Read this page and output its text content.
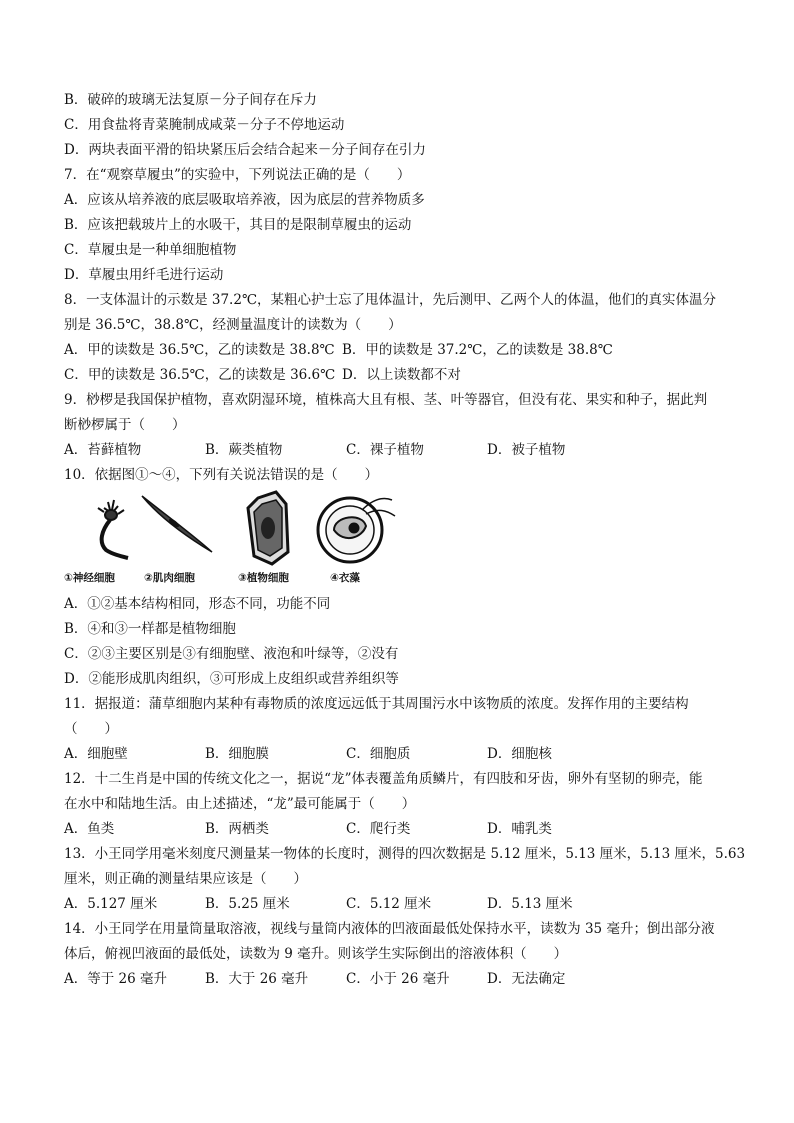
B．破碎的玻璃无法复原－分子间存在斥力
C．用食盐将青菜腌制成咸菜－分子不停地运动
D．两块表面平滑的铅块紧压后会结合起来－分子间存在引力
7．在“观察草履虫”的实验中，下列说法正确的是（　　）
A．应该从培养液的底层吸取培养液，因为底层的营养物质多
B．应该把载玻片上的水吸干，其目的是限制草履虫的运动
C．草履虫是一种单细胞植物
D．草履虫用纤毛进行运动
8．一支体温计的示数是 37.2℃，某粗心护士忘了甩体温计，先后测甲、乙两个人的体温，他们的真实体温分
别是 36.5℃，38.8℃，经测量温度计的读数为（　　）
A．甲的读数是 36.5℃，乙的读数是 38.8℃ B．甲的读数是 37.2℃，乙的读数是 38.8℃
C．甲的读数是 36.5℃，乙的读数是 36.6℃ D．以上读数都不对
9．桫椤是我国保护植物，喜欢阴湿环境，植株高大且有根、茎、叶等器官，但没有花、果实和种子，据此判
断桫椤属于（　　）
A．苔藓植物	B．蕨类植物	C．裸子植物	D．被子植物
10．依据图①～④，下列有关说法错误的是（　　）
①神经细胞	②肌肉细胞	③植物细胞	④衣藻
A．①②基本结构相同，形态不同，功能不同
B．④和③一样都是植物细胞
C．②③主要区别是③有细胞壁、液泡和叶绿等，②没有
D．②能形成肌肉组织，③可形成上皮组织或营养组织等
11．据报道：蒲草细胞内某种有毒物质的浓度远远低于其周围污水中该物质的浓度。发挥作用的主要结构
（　　）
A．细胞壁	B．细胞膜	C．细胞质	D．细胞核
12．十二生肖是中国的传统文化之一，据说“龙”体表覆盖角质鳞片，有四肢和牙齿，卵外有坚韧的卵壳，能
在水中和陆地生活。由上述描述，“龙”最可能属于（　　）
A．鱼类	B．两栖类	C．爬行类	D．哺乳类
13．小王同学用毫米刻度尺测量某一物体的长度时，测得的四次数据是 5.12 厘米，5.13 厘米，5.13 厘米，5.63
厘米，则正确的测量结果应该是（　　）
A．5.127 厘米	B．5.25 厘米	C．5.12 厘米	D．5.13 厘米
14．小王同学在用量筒量取溶液，视线与量筒内液体的凹液面最低处保持水平，读数为 35 毫升；倒出部分液
体后，俯视凹液面的最低处，读数为 9 毫升。则该学生实际倒出的溶液体积（　　）
A．等于 26 毫升	B．大于 26 毫升	C．小于 26 毫升	D．无法确定
